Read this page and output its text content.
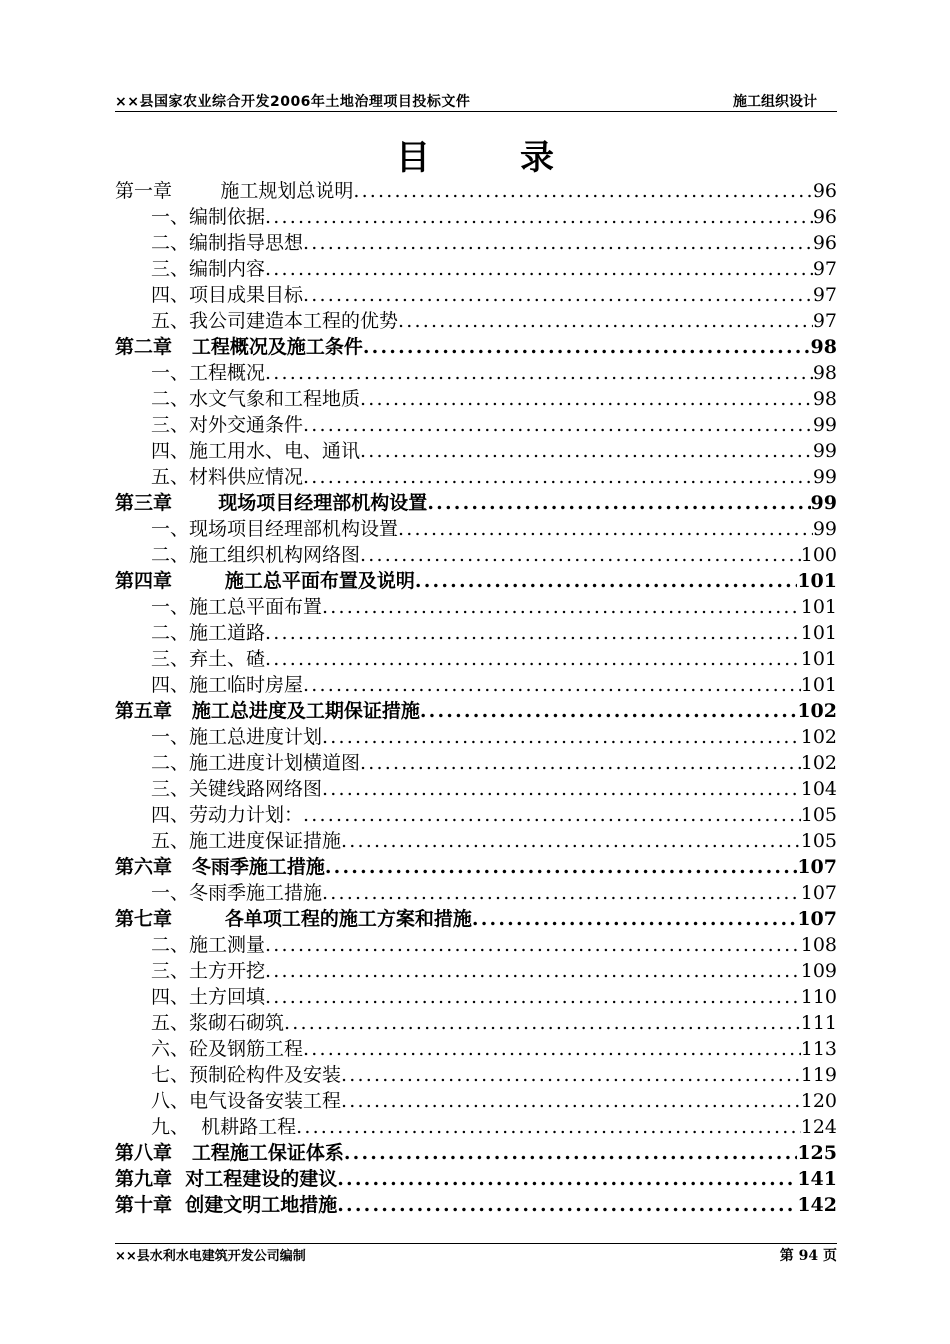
××县国家农业综合开发2006年土地治理项目投标文件	施工组织设计
目录
第一章        施工规划总说明 .....	96
一、编制依据 .....	96
二、编制指导思想 .....	96
三、编制内容 .....	97
四、项目成果目标 .....	97
五、我公司建造本工程的优势 .....	97
第二章   工程概况及施工条件 .....	98
一、工程概况 .....	98
二、水文气象和工程地质 .....	98
三、对外交通条件 .....	99
四、施工用水、电、通讯 .....	99
五、材料供应情况 .....	99
第三章       现场项目经理部机构设置 .....	99
一、现场项目经理部机构设置 .....	99
二、施工组织机构网络图 .....	100
第四章        施工总平面布置及说明 .....	101
一、施工总平面布置 .....	101
二、施工道路 .....	101
三、弃土、碴 .....	101
四、施工临时房屋 .....	101
第五章   施工总进度及工期保证措施 .....	102
一、施工总进度计划 .....	102
二、施工进度计划横道图 .....	102
三、关键线路网络图 .....	104
四、劳动力计划： .....	105
五、施工进度保证措施 .....	105
第六章   冬雨季施工措施 .....	107
一、冬雨季施工措施 .....	107
第七章        各单项工程的施工方案和措施 .....	107
二、施工测量 .....	108
三、土方开挖 .....	109
四、土方回填 .....	110
五、浆砌石砌筑 .....	111
六、砼及钢筋工程 .....	113
七、预制砼构件及安装 .....	119
八、电气设备安装工程 .....	120
九、  机耕路工程 .....	124
第八章   工程施工保证体系 .....	125
第九章  对工程建设的建议 .....	141
第十章  创建文明工地措施 .....	142
××县水利水电建筑开发公司编制	第 94 页
